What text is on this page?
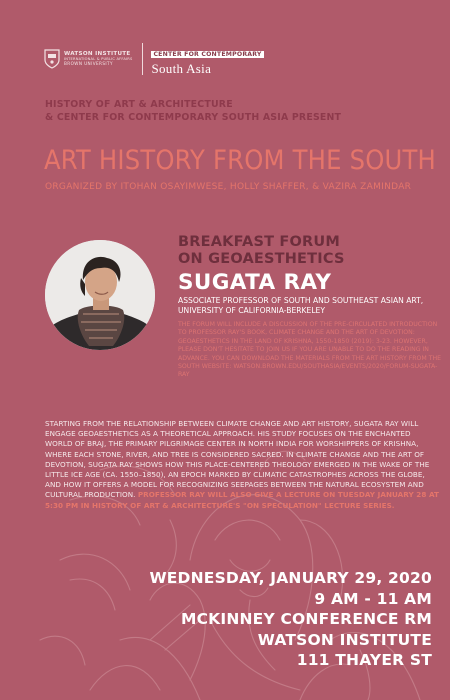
WATSON INSTITUTE
INTERNATIONAL & PUBLIC AFFAIRS
BROWN UNIVERSITY
CENTER FOR CONTEMPORARY
South Asia
HISTORY OF ART & ARCHITECTURE
& CENTER FOR CONTEMPORARY SOUTH ASIA PRESENT
ART HISTORY FROM THE SOUTH
ORGANIZED BY ITOHAN OSAYIMWESE, HOLLY SHAFFER, & VAZIRA ZAMINDAR
BREAKFAST FORUM
ON GEOAESTHETICS
SUGATA RAY
ASSOCIATE PROFESSOR OF SOUTH AND SOUTHEAST ASIAN ART, UNIVERSITY OF CALIFORNIA-BERKELEY

THE FORUM WILL INCLUDE A DISCUSSION OF THE PRE-CIRCULATED INTRODUCTION TO PROFESSOR RAY'S BOOK, CLIMATE CHANGE AND THE ART OF DEVOTION: GEOAESTHETICS IN THE LAND OF KRISHNA, 1550-1850 (2019): 3-23. HOWEVER, PLEASE DON'T HESITATE TO JOIN US IF YOU ARE UNABLE TO DO THE READING IN ADVANCE. YOU CAN DOWNLOAD THE MATERIALS FROM THE ART HISTORY FROM THE SOUTH WEBSITE: WATSON.BROWN.EDU/SOUTHASIA/EVENTS/2020/FORUM-SUGATA-RAY

STARTING FROM THE RELATIONSHIP BETWEEN CLIMATE CHANGE AND ART HISTORY, SUGATA RAY WILL ENGAGE GEOAESTHETICS AS A THEORETICAL APPROACH. HIS STUDY FOCUSES ON THE ENCHANTED WORLD OF BRAJ, THE PRIMARY PILGRIMAGE CENTER IN NORTH INDIA FOR WORSHIPPERS OF KRISHNA, WHERE EACH STONE, RIVER, AND TREE IS CONSIDERED SACRED. IN CLIMATE CHANGE AND THE ART OF DEVOTION, SUGATA RAY SHOWS HOW THIS PLACE-CENTERED THEOLOGY EMERGED IN THE WAKE OF THE LITTLE ICE AGE (CA. 1550–1850), AN EPOCH MARKED BY CLIMATIC CATASTROPHES ACROSS THE GLOBE, AND HOW IT OFFERS A MODEL FOR RECOGNIZING SEEPAGES BETWEEN THE NATURAL ECOSYSTEM AND CULTURAL PRODUCTION. PROFESSOR RAY WILL ALSO GIVE A LECTURE ON TUESDAY JANUARY 28 AT 5:30 PM IN HISTORY OF ART & ARCHITECTURE'S "ON SPECULATION" LECTURE SERIES.
WEDNESDAY, JANUARY 29, 2020
9 AM - 11 AM
MCKINNEY CONFERENCE RM
WATSON INSTITUTE
111 THAYER ST
